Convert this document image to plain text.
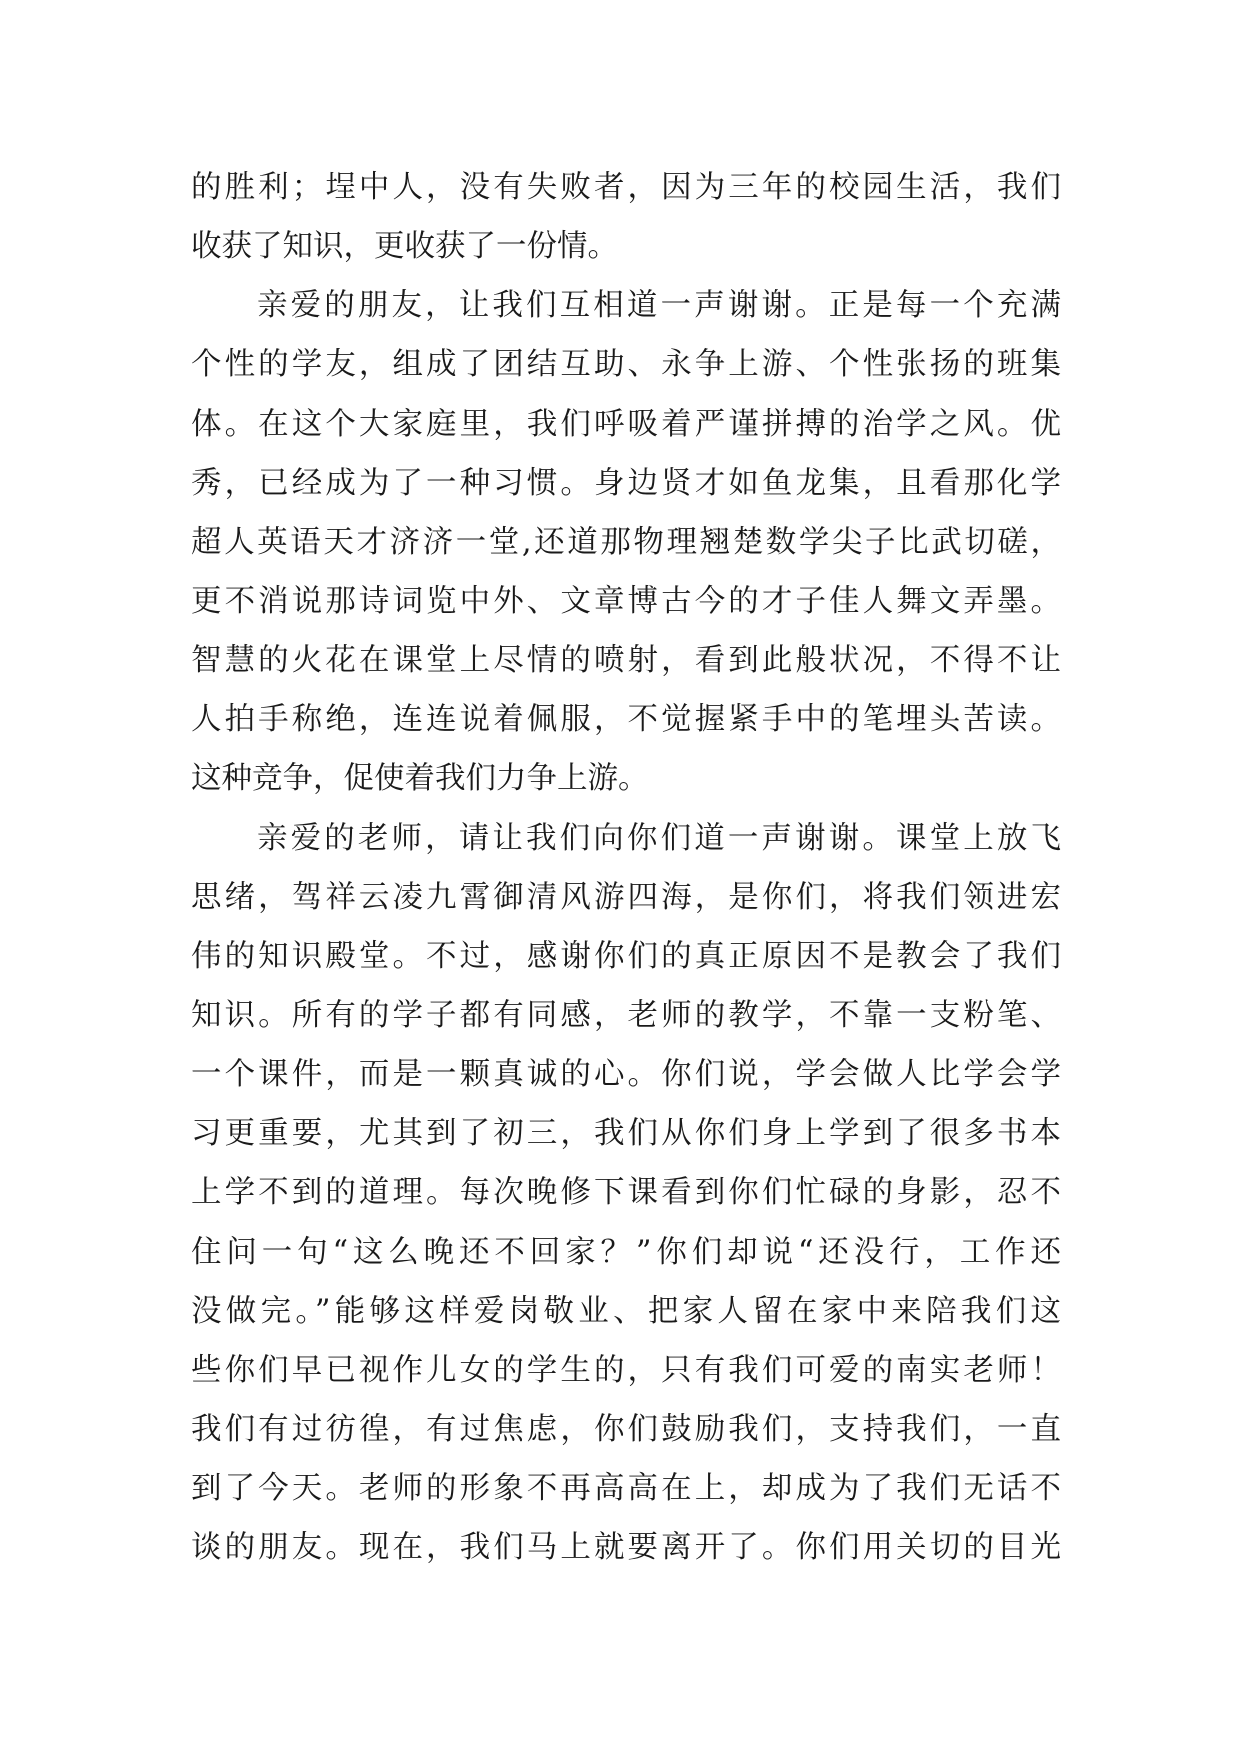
的胜利；埕中人，没有失败者，因为三年的校园生活，我们
收获了知识，更收获了一份情。
亲爱的朋友，让我们互相道一声谢谢。正是每一个充满
个性的学友，组成了团结互助、永争上游、个性张扬的班集
体。在这个大家庭里，我们呼吸着严谨拼搏的治学之风。优
秀，已经成为了一种习惯。身边贤才如鱼龙集，且看那化学
超人英语天才济济一堂,还道那物理翘楚数学尖子比武切磋，
更不消说那诗词览中外、文章博古今的才子佳人舞文弄墨。
智慧的火花在课堂上尽情的喷射，看到此般状况，不得不让
人拍手称绝，连连说着佩服，不觉握紧手中的笔埋头苦读。
这种竞争，促使着我们力争上游。
亲爱的老师，请让我们向你们道一声谢谢。课堂上放飞
思绪，驾祥云凌九霄御清风游四海，是你们，将我们领进宏
伟的知识殿堂。不过，感谢你们的真正原因不是教会了我们
知识。所有的学子都有同感，老师的教学，不靠一支粉笔、
一个课件，而是一颗真诚的心。你们说，学会做人比学会学
习更重要，尤其到了初三，我们从你们身上学到了很多书本
上学不到的道理。每次晚修下课看到你们忙碌的身影，忍不
住问一句“这么晚还不回家？”你们却说“还没行，工作还
没做完。”能够这样爱岗敬业、把家人留在家中来陪我们这
些你们早已视作儿女的学生的，只有我们可爱的南实老师！
我们有过彷徨，有过焦虑，你们鼓励我们，支持我们，一直
到了今天。老师的形象不再高高在上，却成为了我们无话不
谈的朋友。现在，我们马上就要离开了。你们用关切的目光
